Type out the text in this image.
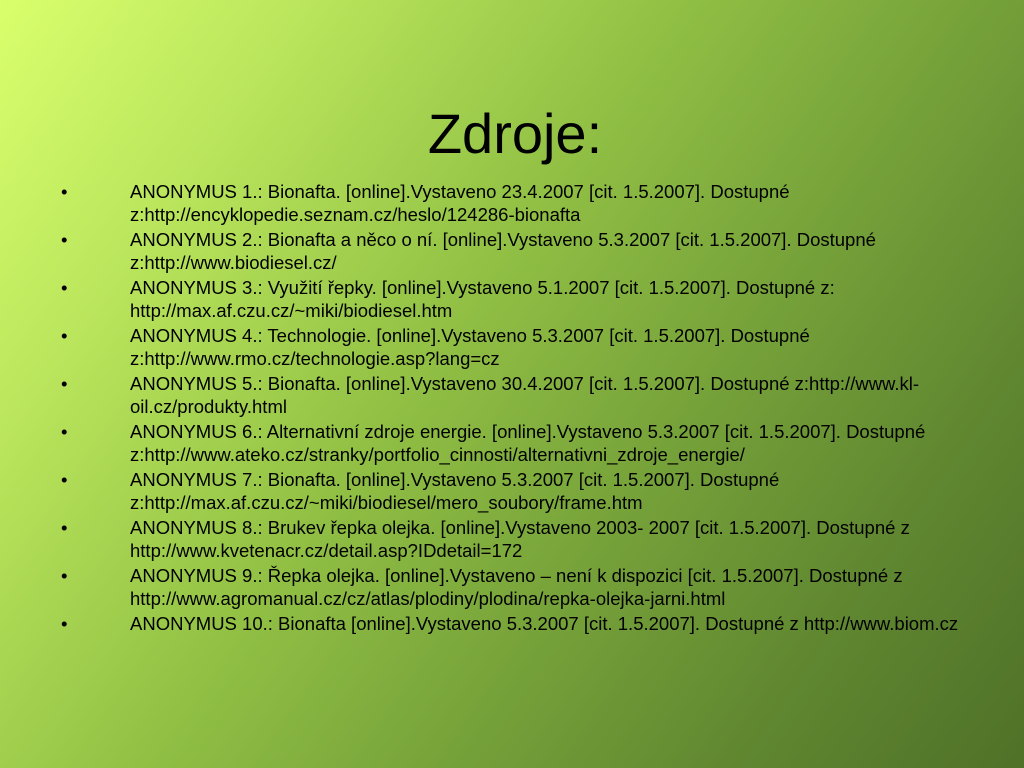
Zdroje:
•	ANONYMUS 1.: Bionafta. [online].Vystaveno 23.4.2007 [cit. 1.5.2007]. Dostupné z:http://encyklopedie.seznam.cz/heslo/124286-bionafta
•	ANONYMUS 2.: Bionafta a něco o ní. [online].Vystaveno 5.3.2007 [cit. 1.5.2007]. Dostupné z:http://www.biodiesel.cz/
•	ANONYMUS 3.: Využití řepky. [online].Vystaveno 5.1.2007 [cit. 1.5.2007]. Dostupné z: http://max.af.czu.cz/~miki/biodiesel.htm
•	ANONYMUS 4.: Technologie. [online].Vystaveno 5.3.2007 [cit. 1.5.2007]. Dostupné z:http://www.rmo.cz/technologie.asp?lang=cz
•	ANONYMUS 5.: Bionafta. [online].Vystaveno 30.4.2007 [cit. 1.5.2007]. Dostupné z:http://www.kl-oil.cz/produkty.html
•	ANONYMUS 6.: Alternativní zdroje energie. [online].Vystaveno 5.3.2007 [cit. 1.5.2007]. Dostupné z:http://www.ateko.cz/stranky/portfolio_cinnosti/alternativni_zdroje_energie/
•	ANONYMUS 7.: Bionafta. [online].Vystaveno 5.3.2007 [cit. 1.5.2007]. Dostupné z:http://max.af.czu.cz/~miki/biodiesel/mero_soubory/frame.htm
•	ANONYMUS 8.: Brukev řepka olejka. [online].Vystaveno 2003- 2007 [cit. 1.5.2007]. Dostupné z http://www.kvetenacr.cz/detail.asp?IDdetail=172
•	ANONYMUS 9.: Řepka olejka. [online].Vystaveno – není k dispozici [cit. 1.5.2007]. Dostupné z http://www.agromanual.cz/cz/atlas/plodiny/plodina/repka-olejka-jarni.html
•	ANONYMUS 10.: Bionafta [online].Vystaveno 5.3.2007 [cit. 1.5.2007]. Dostupné z http://www.biom.cz
